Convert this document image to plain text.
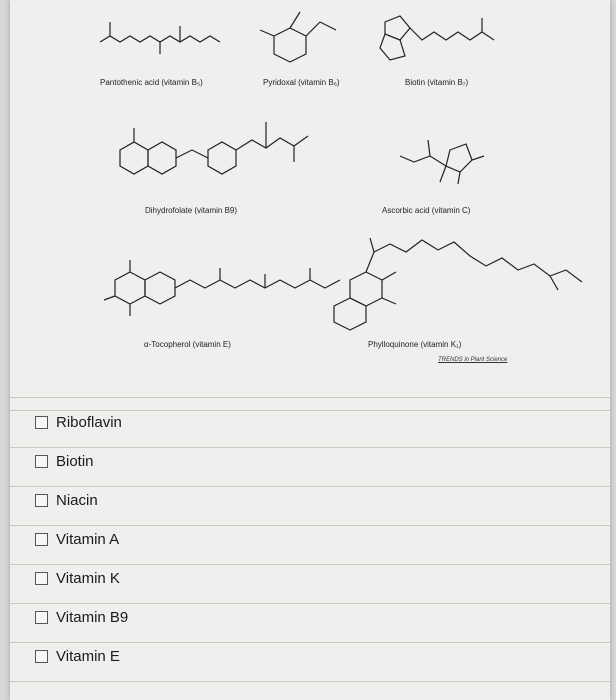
Pantothenic acid (vitamin B₅)	Pyridoxal (vitamin B₆)	Biotin (vitamin B₇)
Dihydrofolate (vitamin B9)	Ascorbic acid (vitamin C)
α-Tocopherol (vitamin E)	Phylloquinone (vitamin K₁)
TRENDS in Plant Science
Riboflavin
Biotin
Niacin
Vitamin A
Vitamin K
Vitamin B9
Vitamin E
